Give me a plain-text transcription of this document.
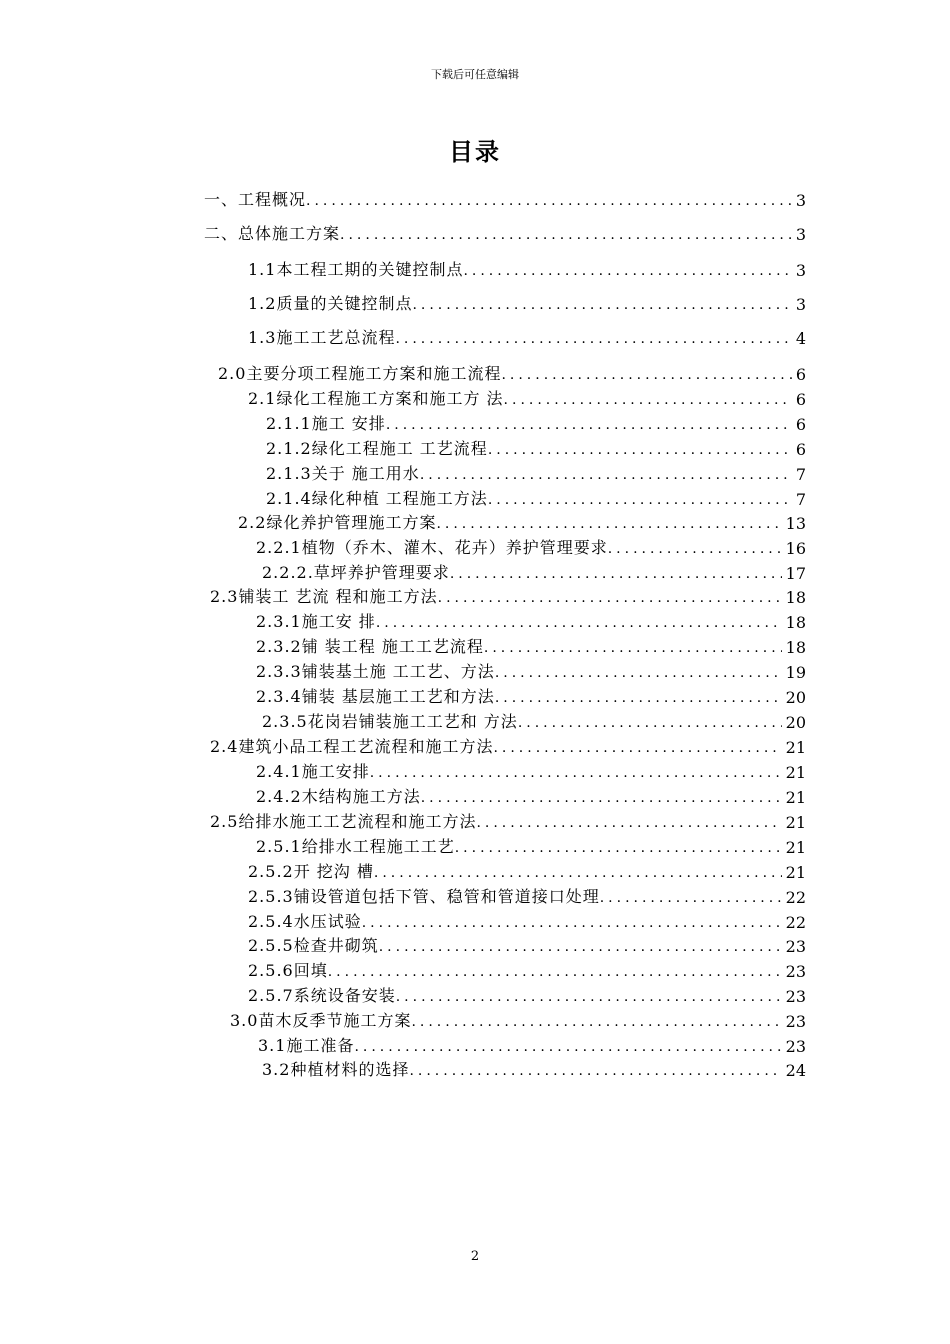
下载后可任意编辑
目录
一、工程概况 .....	3
二、总体施工方案 .....	3
1.1本工程工期的关键控制点 .....	3
1.2质量的关键控制点 .....	3
1.3施工工艺总流程 .....	4
2.0主要分项工程施工方案和施工流程 .....	6
2.1绿化工程施工方案和施工方 法 .....	6
2.1.1施工 安排 .....	6
2.1.2绿化工程施工 工艺流程 .....	6
2.1.3关于 施工用水 .....	7
2.1.4绿化种植 工程施工方法 .....	7
2.2绿化养护管理施工方案 .....	13
2.2.1植物（乔木、灌木、花卉）养护管理要求 .....	16
2.2.2.草坪养护管理要求 .....	17
2.3铺装工 艺流 程和施工方法 .....	18
2.3.1施工安 排 .....	18
2.3.2铺 装工程 施工工艺流程 .....	18
2.3.3铺装基土施 工工艺、方法 .....	19
2.3.4铺装 基层施工工艺和方法 .....	20
2.3.5花岗岩铺装施工工艺和 方法 .....	20
2.4建筑小品工程工艺流程和施工方法 .....	21
2.4.1施工安排 .....	21
2.4.2木结构施工方法 .....	21
2.5给排水施工工艺流程和施工方法 .....	21
2.5.1给排水工程施工工艺 .....	21
2.5.2开 挖沟 槽 .....	21
2.5.3铺设管道包括下管、稳管和管道接口处理 .....	22
2.5.4水压试验 .....	22
2.5.5检查井砌筑 .....	23
2.5.6回填 .....	23
2.5.7系统设备安装 .....	23
3.0苗木反季节施工方案 .....	23
3.1施工准备 .....	23
3.2种植材料的选择 .....	24
2
